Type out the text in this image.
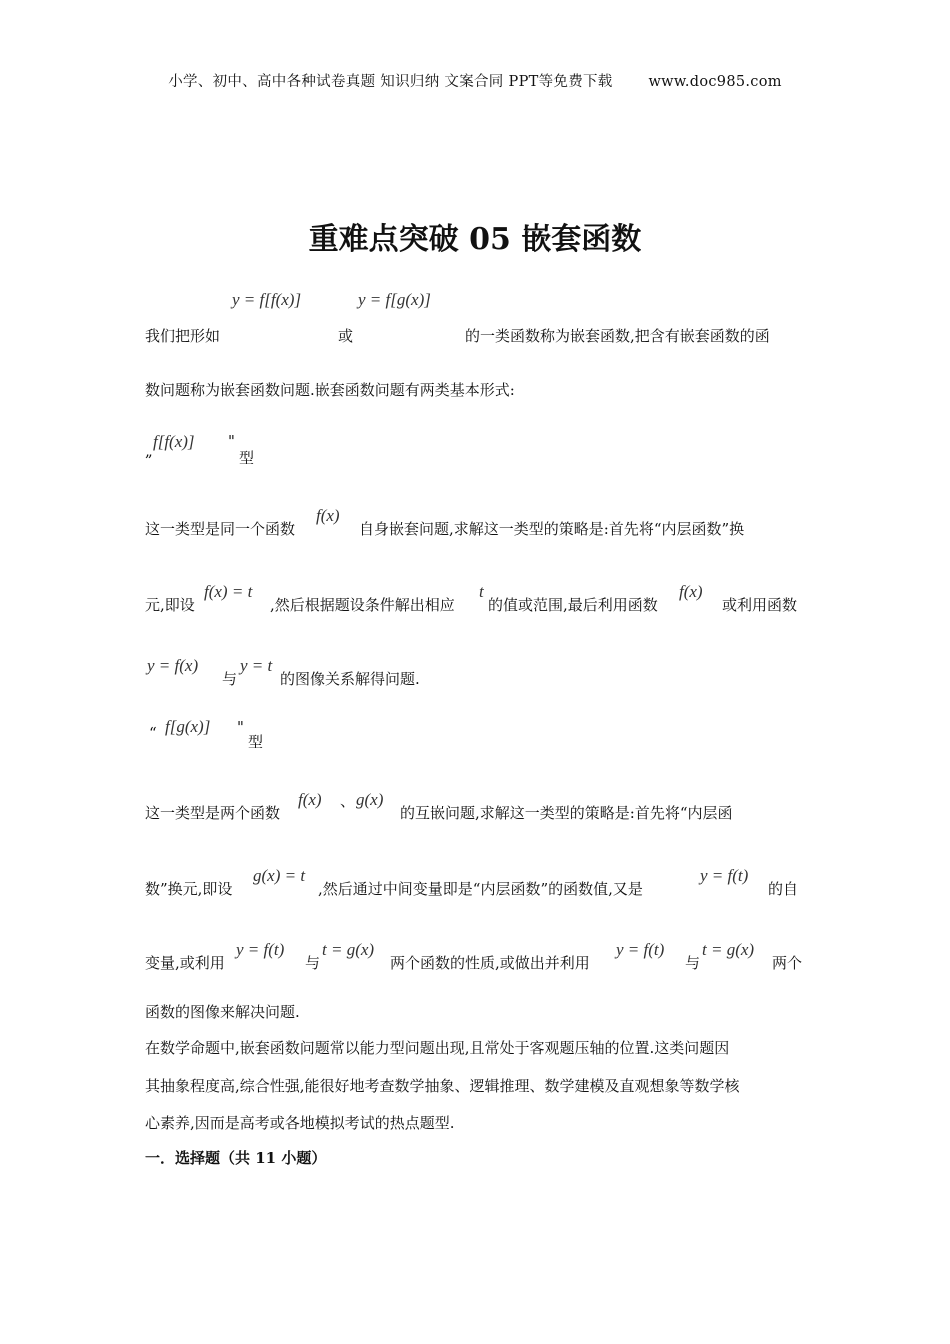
小学、初中、高中各种试卷真题 知识归纳 文案合同 PPT等免费下载 www.doc985.com
重难点突破 05 嵌套函数
y = f[f(x)]	y = f[g(x)]
我们把形如	或	的一类函数称为嵌套函数,把含有嵌套函数的函
数问题称为嵌套函数问题.嵌套函数问题有两类基本形式:
„ f[f(x)] "
型
这一类型是同一个函数
f(x)
自身嵌套问题,求解这一类型的策略是:首先将“内层函数”换
元,即设
f(x) = t
,然后根据题设条件解出相应
t
的值或范围,最后利用函数
f(x)
或利用函数
y = f(x)
与
y = t
的图像关系解得问题.
“ f[g(x)] "
型
这一类型是两个函数
f(x) 、 g(x)
的互嵌问题,求解这一类型的策略是:首先将“内层函
数”换元,即设
g(x) = t
,然后通过中间变量即是“内层函数”的函数值,又是
y = f(t)
的自
变量,或利用
y = f(t)
与
t = g(x)
两个函数的性质,或做出并利用
y = f(t)
与
t = g(x)
两个
函数的图像来解决问题.
在数学命题中,嵌套函数问题常以能力型问题出现,且常处于客观题压轴的位置.这类问题因
其抽象程度高,综合性强,能很好地考查数学抽象、逻辑推理、数学建模及直观想象等数学核
心素养,因而是高考或各地模拟考试的热点题型.
一．选择题（共 11 小题）
